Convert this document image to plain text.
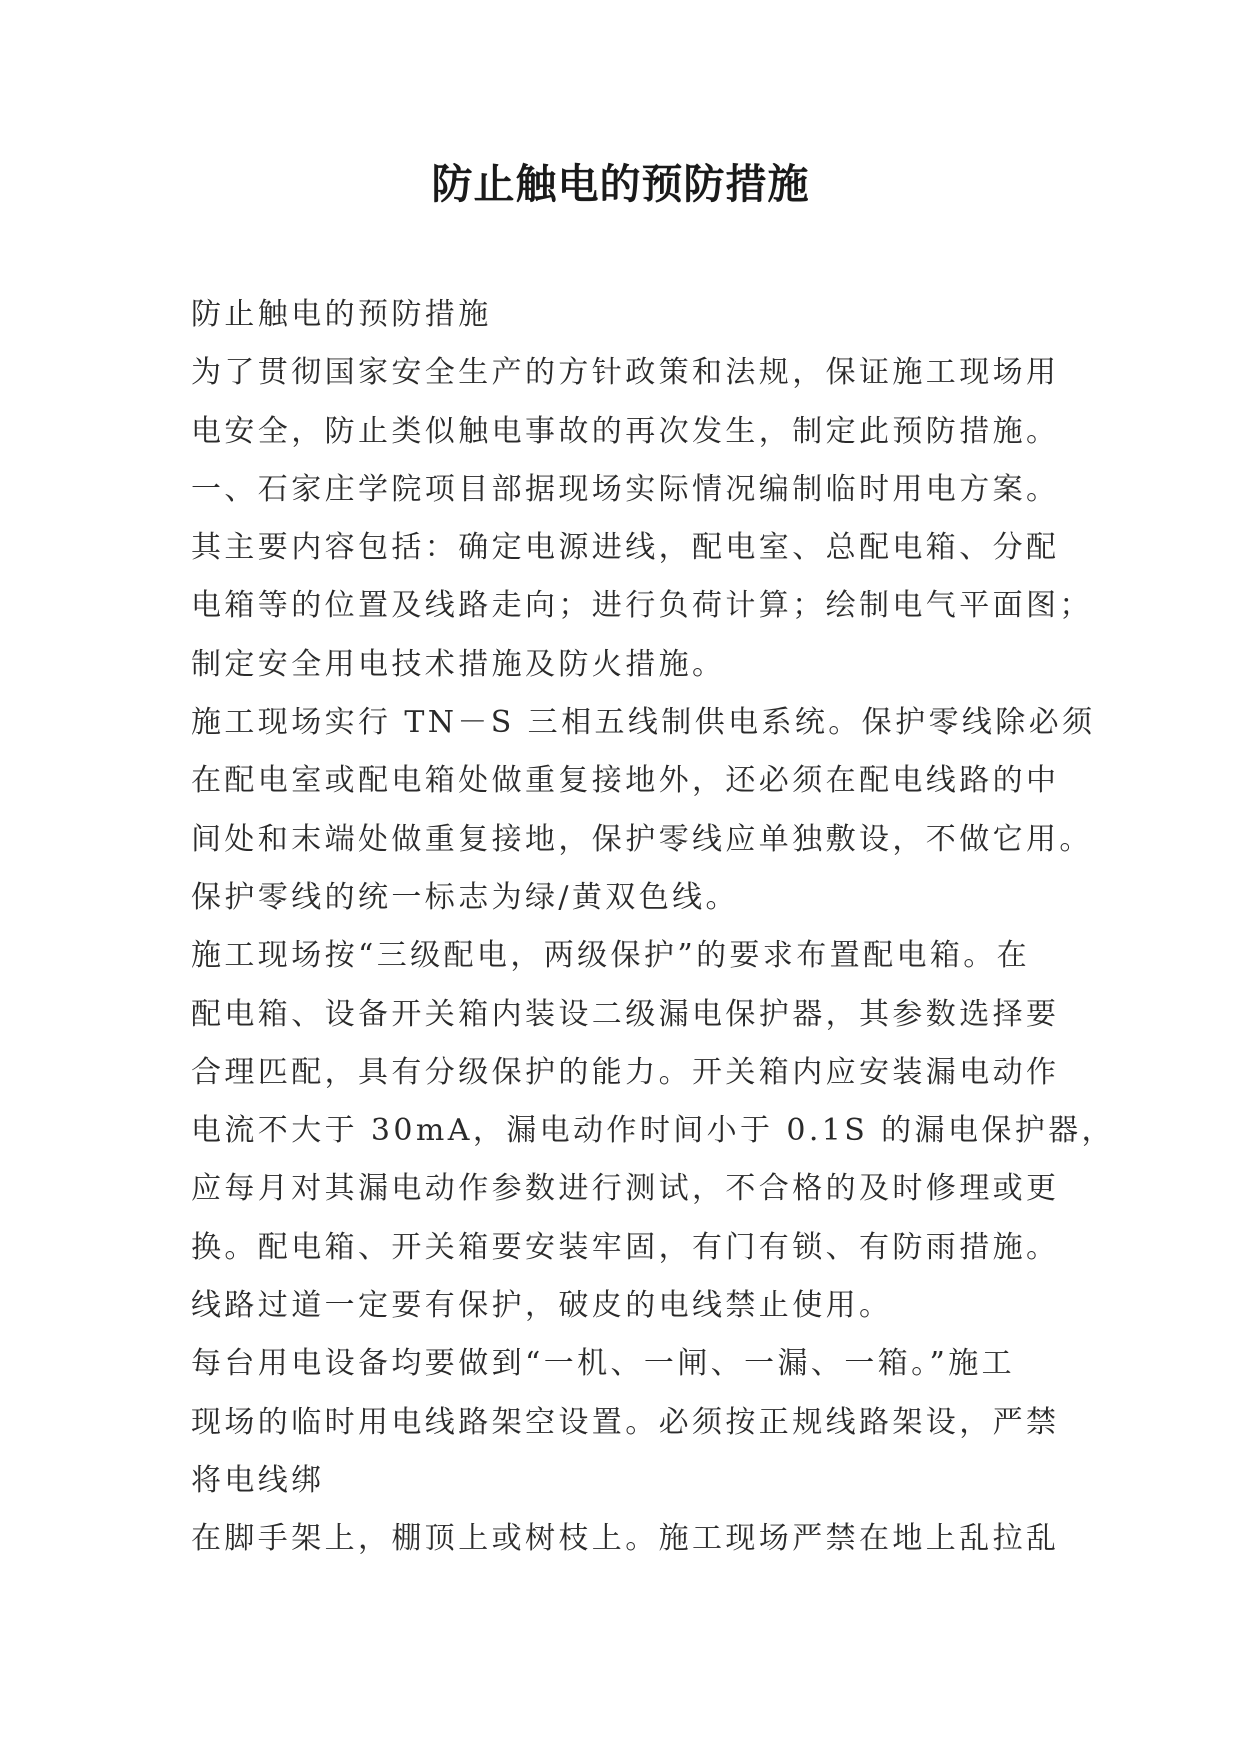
防止触电的预防措施
防止触电的预防措施
为了贯彻国家安全生产的方针政策和法规，保证施工现场用
电安全，防止类似触电事故的再次发生，制定此预防措施。
一、石家庄学院项目部据现场实际情况编制临时用电方案。
其主要内容包括：确定电源进线，配电室、总配电箱、分配
电箱等的位置及线路走向；进行负荷计算；绘制电气平面图；
制定安全用电技术措施及防火措施。
施工现场实行 TN－S 三相五线制供电系统。保护零线除必须
在配电室或配电箱处做重复接地外，还必须在配电线路的中
间处和末端处做重复接地，保护零线应单独敷设，不做它用。
保护零线的统一标志为绿/黄双色线。
施工现场按“三级配电，两级保护”的要求布置配电箱。在
配电箱、设备开关箱内装设二级漏电保护器，其参数选择要
合理匹配，具有分级保护的能力。开关箱内应安装漏电动作
电流不大于 30mA，漏电动作时间小于 0.1S 的漏电保护器，
应每月对其漏电动作参数进行测试，不合格的及时修理或更
换。配电箱、开关箱要安装牢固，有门有锁、有防雨措施。
线路过道一定要有保护，破皮的电线禁止使用。
每台用电设备均要做到“一机、一闸、一漏、一箱。”施工
现场的临时用电线路架空设置。必须按正规线路架设，严禁
将电线绑
在脚手架上，棚顶上或树枝上。施工现场严禁在地上乱拉乱
